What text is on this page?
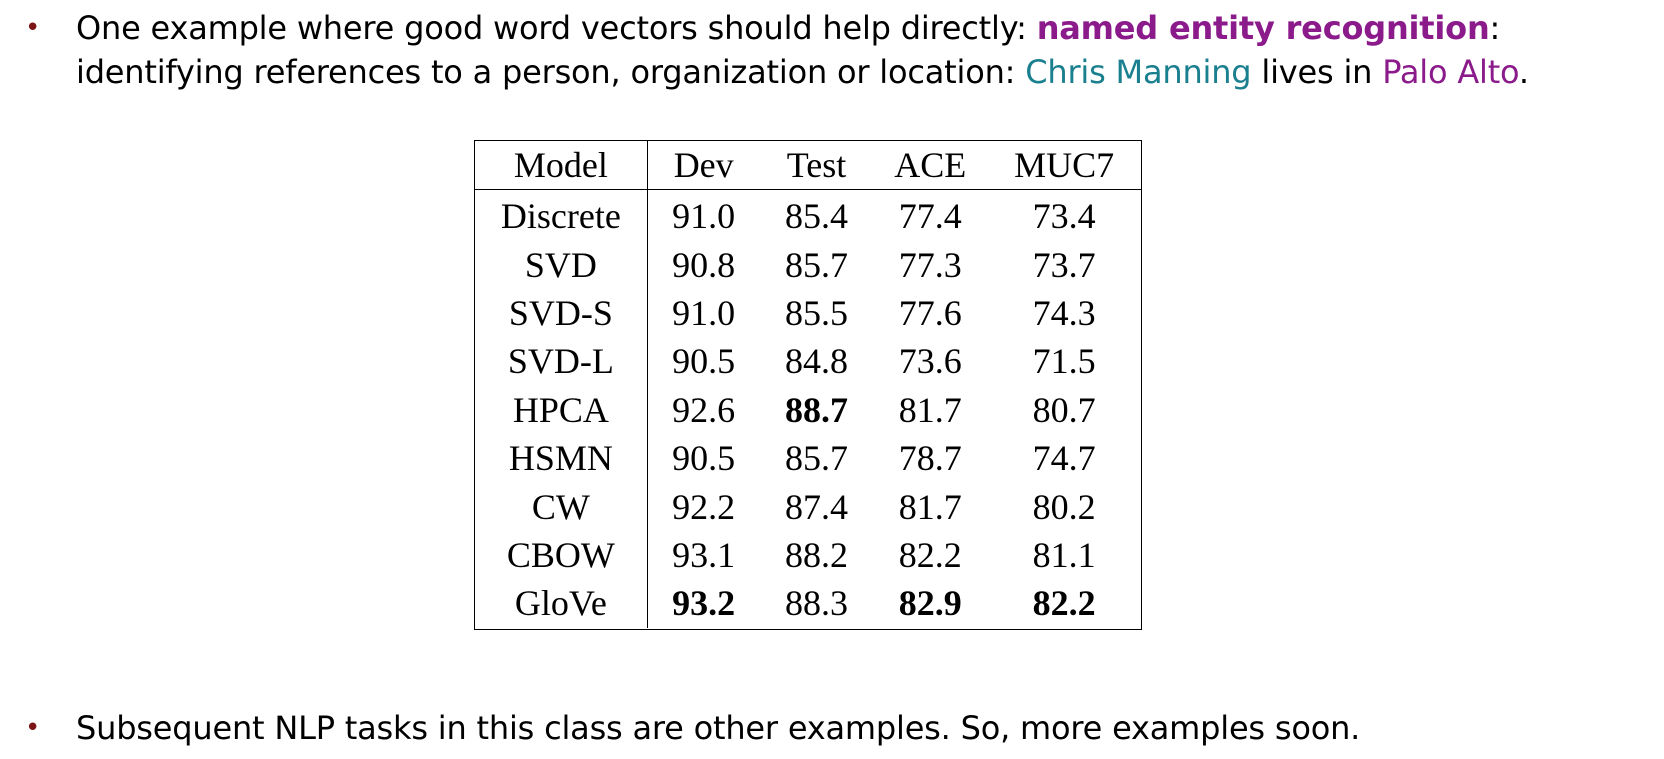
• One example where good word vectors should help directly: named entity recognition: identifying references to a person, organization or location: Chris Manning lives in Palo Alto.
Model	Dev	Test	ACE	MUC7
Discrete	91.0	85.4	77.4	73.4
SVD	90.8	85.7	77.3	73.7
SVD-S	91.0	85.5	77.6	74.3
SVD-L	90.5	84.8	73.6	71.5
HPCA	92.6	88.7	81.7	80.7
HSMN	90.5	85.7	78.7	74.7
CW	92.2	87.4	81.7	80.2
CBOW	93.1	88.2	82.2	81.1
GloVe	93.2	88.3	82.9	82.2
• Subsequent NLP tasks in this class are other examples. So, more examples soon.
